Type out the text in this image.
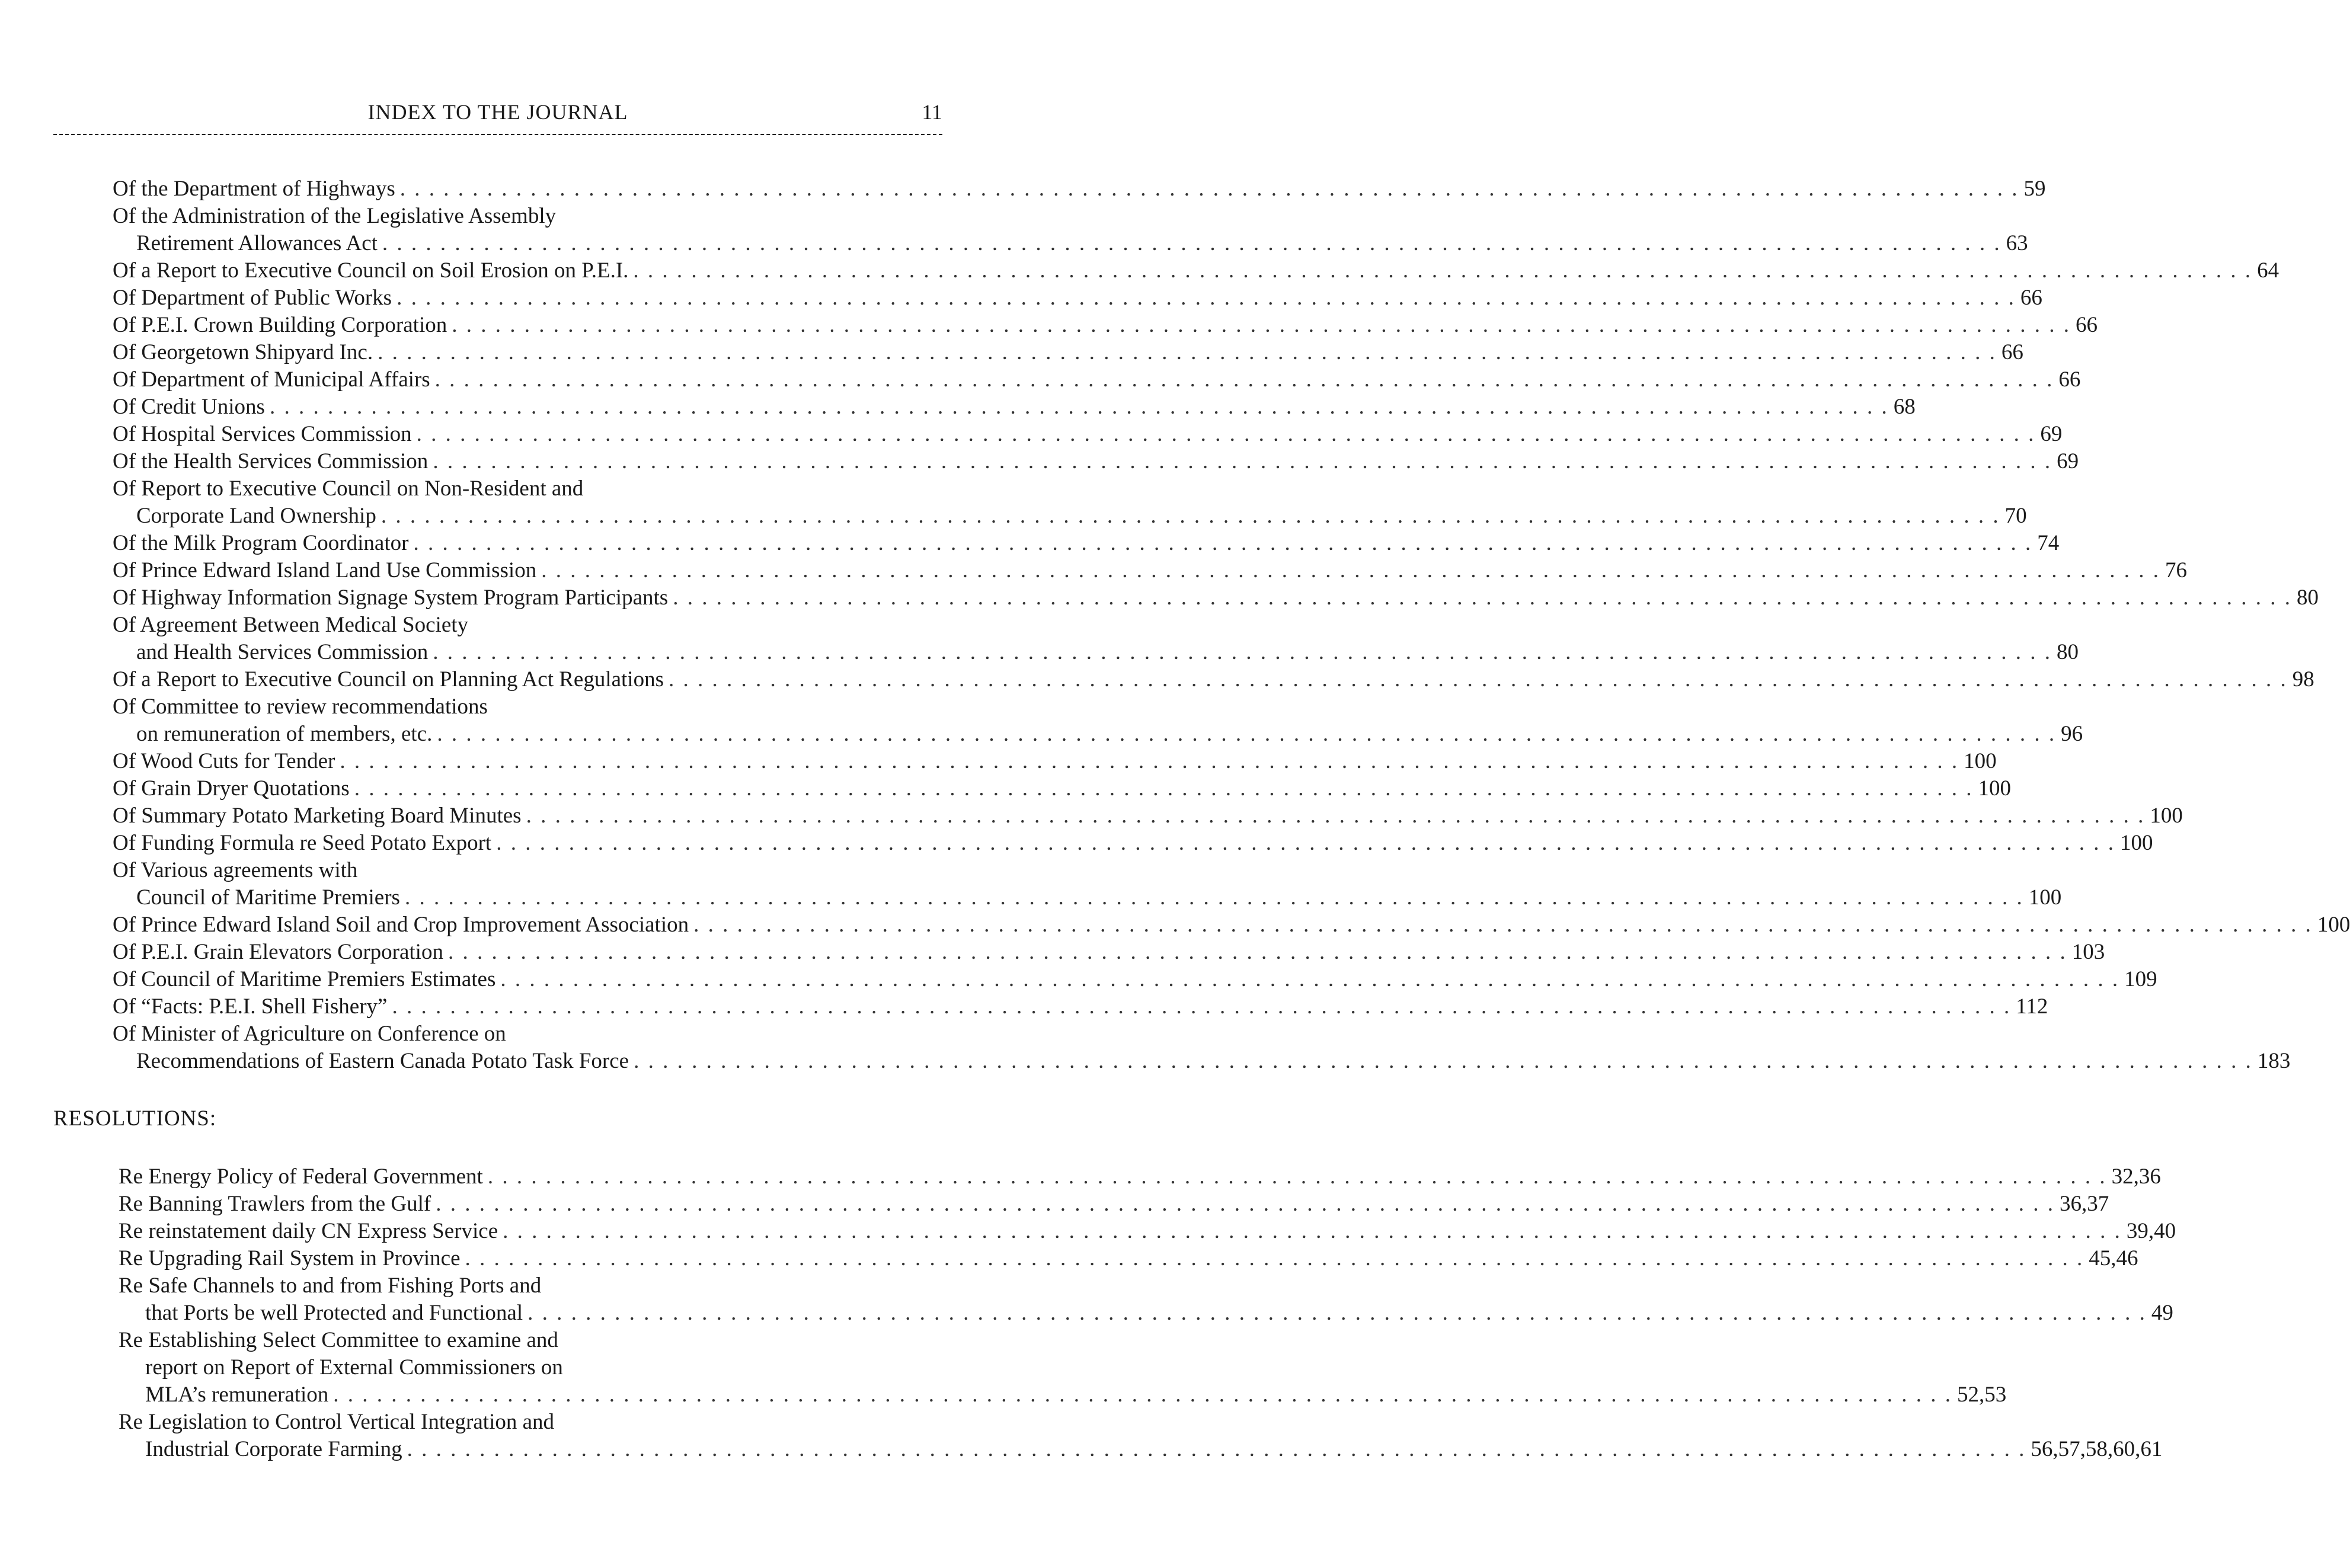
INDEX TO THE JOURNAL	11
Of the Department of Highways . . . . . . . . . . . . . . . . . . . . . . . . . . . . . . . . . . . . . . . . . . . . . . . . . . . . . . . . . . . . . . . . . . . . . . . . . . . . . . . . . . . . . . . . . . . . . . . . . . . . . . . . . . . . . . . . 59
Of the Administration of the Legislative Assembly
Retirement Allowances Act . . . . . . . . . . . . . . . . . . . . . . . . . . . . . . . . . . . . . . . . . . . . . . . . . . . . . . . . . . . . . . . . . . . . . . . . . . . . . . . . . . . . . . . . . . . . . . . . . . . . . . . . . . . . . . . . 63
Of a Report to Executive Council on Soil Erosion on P.E.I. . . . . . . . . . . . . . . . . . . . . . . . . . . . . . . . . . . . . . . . . . . . . . . . . . . . . . . . . . . . . . . . . . . . . . . . . . . . . . . . . . . . . . . . . . . . . . . . . . . . . . . . . . . . . . . . . 64
Of Department of Public Works . . . . . . . . . . . . . . . . . . . . . . . . . . . . . . . . . . . . . . . . . . . . . . . . . . . . . . . . . . . . . . . . . . . . . . . . . . . . . . . . . . . . . . . . . . . . . . . . . . . . . . . . . . . . . . . . 66
Of P.E.I. Crown Building Corporation . . . . . . . . . . . . . . . . . . . . . . . . . . . . . . . . . . . . . . . . . . . . . . . . . . . . . . . . . . . . . . . . . . . . . . . . . . . . . . . . . . . . . . . . . . . . . . . . . . . . . . . . . . . . . . . . 66
Of Georgetown Shipyard Inc. . . . . . . . . . . . . . . . . . . . . . . . . . . . . . . . . . . . . . . . . . . . . . . . . . . . . . . . . . . . . . . . . . . . . . . . . . . . . . . . . . . . . . . . . . . . . . . . . . . . . . . . . . . . . . . . . 66
Of Department of Municipal Affairs . . . . . . . . . . . . . . . . . . . . . . . . . . . . . . . . . . . . . . . . . . . . . . . . . . . . . . . . . . . . . . . . . . . . . . . . . . . . . . . . . . . . . . . . . . . . . . . . . . . . . . . . . . . . . . . . 66
Of Credit Unions . . . . . . . . . . . . . . . . . . . . . . . . . . . . . . . . . . . . . . . . . . . . . . . . . . . . . . . . . . . . . . . . . . . . . . . . . . . . . . . . . . . . . . . . . . . . . . . . . . . . . . . . . . . . . . . . 68
Of Hospital Services Commission . . . . . . . . . . . . . . . . . . . . . . . . . . . . . . . . . . . . . . . . . . . . . . . . . . . . . . . . . . . . . . . . . . . . . . . . . . . . . . . . . . . . . . . . . . . . . . . . . . . . . . . . . . . . . . . . 69
Of the Health Services Commission . . . . . . . . . . . . . . . . . . . . . . . . . . . . . . . . . . . . . . . . . . . . . . . . . . . . . . . . . . . . . . . . . . . . . . . . . . . . . . . . . . . . . . . . . . . . . . . . . . . . . . . . . . . . . . . . 69
Of Report to Executive Council on Non-Resident and
Corporate Land Ownership . . . . . . . . . . . . . . . . . . . . . . . . . . . . . . . . . . . . . . . . . . . . . . . . . . . . . . . . . . . . . . . . . . . . . . . . . . . . . . . . . . . . . . . . . . . . . . . . . . . . . . . . . . . . . . . . 70
Of the Milk Program Coordinator . . . . . . . . . . . . . . . . . . . . . . . . . . . . . . . . . . . . . . . . . . . . . . . . . . . . . . . . . . . . . . . . . . . . . . . . . . . . . . . . . . . . . . . . . . . . . . . . . . . . . . . . . . . . . . . . 74
Of Prince Edward Island Land Use Commission . . . . . . . . . . . . . . . . . . . . . . . . . . . . . . . . . . . . . . . . . . . . . . . . . . . . . . . . . . . . . . . . . . . . . . . . . . . . . . . . . . . . . . . . . . . . . . . . . . . . . . . . . . . . . . . . 76
Of Highway Information Signage System Program Participants . . . . . . . . . . . . . . . . . . . . . . . . . . . . . . . . . . . . . . . . . . . . . . . . . . . . . . . . . . . . . . . . . . . . . . . . . . . . . . . . . . . . . . . . . . . . . . . . . . . . . . . . . . . . . . . . 80
Of Agreement Between Medical Society
and Health Services Commission . . . . . . . . . . . . . . . . . . . . . . . . . . . . . . . . . . . . . . . . . . . . . . . . . . . . . . . . . . . . . . . . . . . . . . . . . . . . . . . . . . . . . . . . . . . . . . . . . . . . . . . . . . . . . . . . 80
Of a Report to Executive Council on Planning Act Regulations . . . . . . . . . . . . . . . . . . . . . . . . . . . . . . . . . . . . . . . . . . . . . . . . . . . . . . . . . . . . . . . . . . . . . . . . . . . . . . . . . . . . . . . . . . . . . . . . . . . . . . . . . . . . . . . . 98
Of Committee to review recommendations
on remuneration of members, etc. . . . . . . . . . . . . . . . . . . . . . . . . . . . . . . . . . . . . . . . . . . . . . . . . . . . . . . . . . . . . . . . . . . . . . . . . . . . . . . . . . . . . . . . . . . . . . . . . . . . . . . . . . . . . . . . . 96
Of Wood Cuts for Tender . . . . . . . . . . . . . . . . . . . . . . . . . . . . . . . . . . . . . . . . . . . . . . . . . . . . . . . . . . . . . . . . . . . . . . . . . . . . . . . . . . . . . . . . . . . . . . . . . . . . . . . . . . . . . . . . 100
Of Grain Dryer Quotations . . . . . . . . . . . . . . . . . . . . . . . . . . . . . . . . . . . . . . . . . . . . . . . . . . . . . . . . . . . . . . . . . . . . . . . . . . . . . . . . . . . . . . . . . . . . . . . . . . . . . . . . . . . . . . . . 100
Of Summary Potato Marketing Board Minutes . . . . . . . . . . . . . . . . . . . . . . . . . . . . . . . . . . . . . . . . . . . . . . . . . . . . . . . . . . . . . . . . . . . . . . . . . . . . . . . . . . . . . . . . . . . . . . . . . . . . . . . . . . . . . . . . 100
Of Funding Formula re Seed Potato Export . . . . . . . . . . . . . . . . . . . . . . . . . . . . . . . . . . . . . . . . . . . . . . . . . . . . . . . . . . . . . . . . . . . . . . . . . . . . . . . . . . . . . . . . . . . . . . . . . . . . . . . . . . . . . . . . 100
Of Various agreements with
Council of Maritime Premiers . . . . . . . . . . . . . . . . . . . . . . . . . . . . . . . . . . . . . . . . . . . . . . . . . . . . . . . . . . . . . . . . . . . . . . . . . . . . . . . . . . . . . . . . . . . . . . . . . . . . . . . . . . . . . . . . 100
Of Prince Edward Island Soil and Crop Improvement Association . . . . . . . . . . . . . . . . . . . . . . . . . . . . . . . . . . . . . . . . . . . . . . . . . . . . . . . . . . . . . . . . . . . . . . . . . . . . . . . . . . . . . . . . . . . . . . . . . . . . . . . . . . . . . . . . 100
Of P.E.I. Grain Elevators Corporation . . . . . . . . . . . . . . . . . . . . . . . . . . . . . . . . . . . . . . . . . . . . . . . . . . . . . . . . . . . . . . . . . . . . . . . . . . . . . . . . . . . . . . . . . . . . . . . . . . . . . . . . . . . . . . . . 103
Of Council of Maritime Premiers Estimates . . . . . . . . . . . . . . . . . . . . . . . . . . . . . . . . . . . . . . . . . . . . . . . . . . . . . . . . . . . . . . . . . . . . . . . . . . . . . . . . . . . . . . . . . . . . . . . . . . . . . . . . . . . . . . . . 109
Of “Facts: P.E.I. Shell Fishery” . . . . . . . . . . . . . . . . . . . . . . . . . . . . . . . . . . . . . . . . . . . . . . . . . . . . . . . . . . . . . . . . . . . . . . . . . . . . . . . . . . . . . . . . . . . . . . . . . . . . . . . . . . . . . . . . 112
Of Minister of Agriculture on Conference on
Recommendations of Eastern Canada Potato Task Force . . . . . . . . . . . . . . . . . . . . . . . . . . . . . . . . . . . . . . . . . . . . . . . . . . . . . . . . . . . . . . . . . . . . . . . . . . . . . . . . . . . . . . . . . . . . . . . . . . . . . . . . . . . . . . . . 183
RESOLUTIONS:
Re Energy Policy of Federal Government . . . . . . . . . . . . . . . . . . . . . . . . . . . . . . . . . . . . . . . . . . . . . . . . . . . . . . . . . . . . . . . . . . . . . . . . . . . . . . . . . . . . . . . . . . . . . . . . . . . . . . . . . . . . . . . . 32,36
Re Banning Trawlers from the Gulf . . . . . . . . . . . . . . . . . . . . . . . . . . . . . . . . . . . . . . . . . . . . . . . . . . . . . . . . . . . . . . . . . . . . . . . . . . . . . . . . . . . . . . . . . . . . . . . . . . . . . . . . . . . . . . . . 36,37
Re reinstatement daily CN Express Service . . . . . . . . . . . . . . . . . . . . . . . . . . . . . . . . . . . . . . . . . . . . . . . . . . . . . . . . . . . . . . . . . . . . . . . . . . . . . . . . . . . . . . . . . . . . . . . . . . . . . . . . . . . . . . . . 39,40
Re Upgrading Rail System in Province . . . . . . . . . . . . . . . . . . . . . . . . . . . . . . . . . . . . . . . . . . . . . . . . . . . . . . . . . . . . . . . . . . . . . . . . . . . . . . . . . . . . . . . . . . . . . . . . . . . . . . . . . . . . . . . . 45,46
Re Safe Channels to and from Fishing Ports and
that Ports be well Protected and Functional . . . . . . . . . . . . . . . . . . . . . . . . . . . . . . . . . . . . . . . . . . . . . . . . . . . . . . . . . . . . . . . . . . . . . . . . . . . . . . . . . . . . . . . . . . . . . . . . . . . . . . . . . . . . . . . . 49
Re Establishing Select Committee to examine and
report on Report of External Commissioners on
MLA’s remuneration . . . . . . . . . . . . . . . . . . . . . . . . . . . . . . . . . . . . . . . . . . . . . . . . . . . . . . . . . . . . . . . . . . . . . . . . . . . . . . . . . . . . . . . . . . . . . . . . . . . . . . . . . . . . . . . . 52,53
Re Legislation to Control Vertical Integration and
Industrial Corporate Farming . . . . . . . . . . . . . . . . . . . . . . . . . . . . . . . . . . . . . . . . . . . . . . . . . . . . . . . . . . . . . . . . . . . . . . . . . . . . . . . . . . . . . . . . . . . . . . . . . . . . . . . . . . . . . . . . 56,57,58,60,61
